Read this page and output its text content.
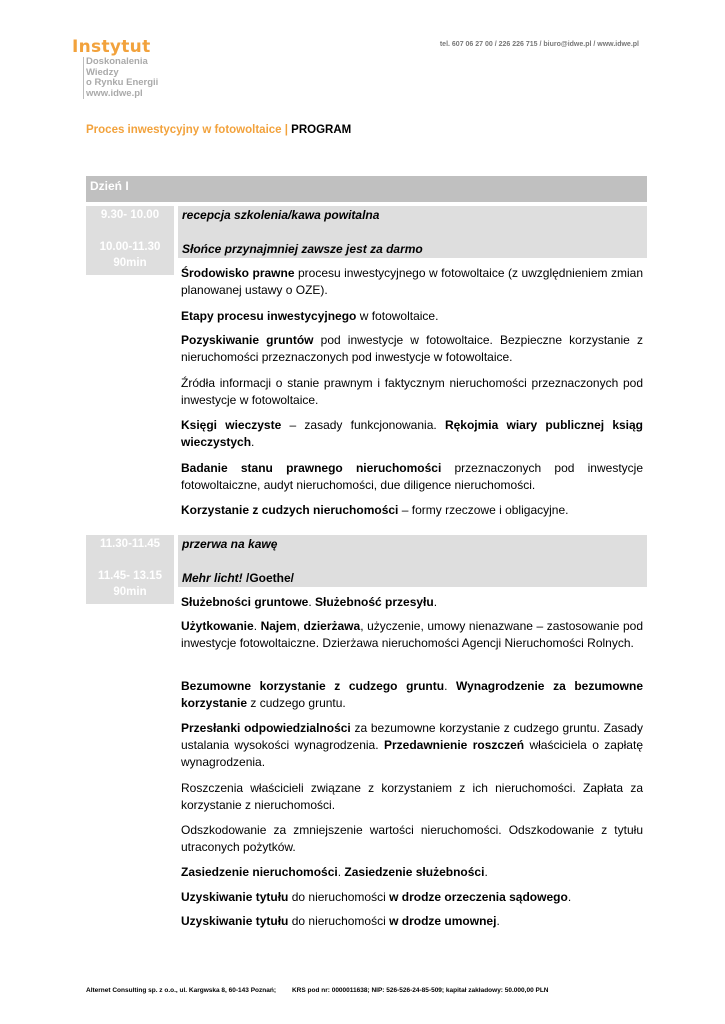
Instytut
Doskonalenia Wiedzy
o Rynku Energii
www.idwe.pl
tel. 607 06 27 00 / 226 226 715 / biuro@idwe.pl / www.idwe.pl
Proces inwestycyjny w fotowoltaice | PROGRAM
Dzień I
9.30- 10.00
10.00-11.30
90min
recepcja szkolenia/kawa powitalna
Słońce przynajmniej zawsze jest za darmo
Środowisko prawne procesu inwestycyjnego w fotowoltaice (z uwzględnieniem zmian planowanej ustawy o OZE).
Etapy procesu inwestycyjnego w fotowoltaice.
Pozyskiwanie gruntów pod inwestycje w fotowoltaice. Bezpieczne korzystanie z nieruchomości przeznaczonych pod inwestycje w fotowoltaice.
Źródła informacji o stanie prawnym i faktycznym nieruchomości przeznaczonych pod inwestycje w fotowoltaice.
Księgi wieczyste – zasady funkcjonowania. Rękojmia wiary publicznej ksiąg wieczystych.
Badanie stanu prawnego nieruchomości przeznaczonych pod inwestycje fotowoltaiczne, audyt nieruchomości, due diligence nieruchomości.
Korzystanie z cudzych nieruchomości – formy rzeczowe i obligacyjne.
11.30-11.45
11.45- 13.15
90min
przerwa na kawę
Mehr licht! /Goethe/
Służebności gruntowe. Służebność przesyłu.
Użytkowanie. Najem, dzierżawa, użyczenie, umowy nienazwane – zastosowanie pod inwestycje fotowoltaiczne. Dzierżawa nieruchomości Agencji Nieruchomości Rolnych.
Bezumowne korzystanie z cudzego gruntu. Wynagrodzenie za bezumowne korzystanie z cudzego gruntu.
Przesłanki odpowiedzialności za bezumowne korzystanie z cudzego gruntu. Zasady ustalania wysokości wynagrodzenia. Przedawnienie roszczeń właściciela o zapłatę wynagrodzenia.
Roszczenia właścicieli związane z korzystaniem z ich nieruchomości. Zapłata za korzystanie z nieruchomości.
Odszkodowanie za zmniejszenie wartości nieruchomości. Odszkodowanie z tytułu utraconych pożytków.
Zasiedzenie nieruchomości. Zasiedzenie służebności.
Uzyskiwanie tytułu do nieruchomości w drodze orzeczenia sądowego.
Uzyskiwanie tytułu do nieruchomości w drodze umownej.
Alternet Consulting sp. z o.o., ul. Kargwska 8, 60-143 Poznań; KRS pod nr: 0000011638; NIP: 526-526-24-85-509; kapitał zakładowy: 50.000,00 PLN
